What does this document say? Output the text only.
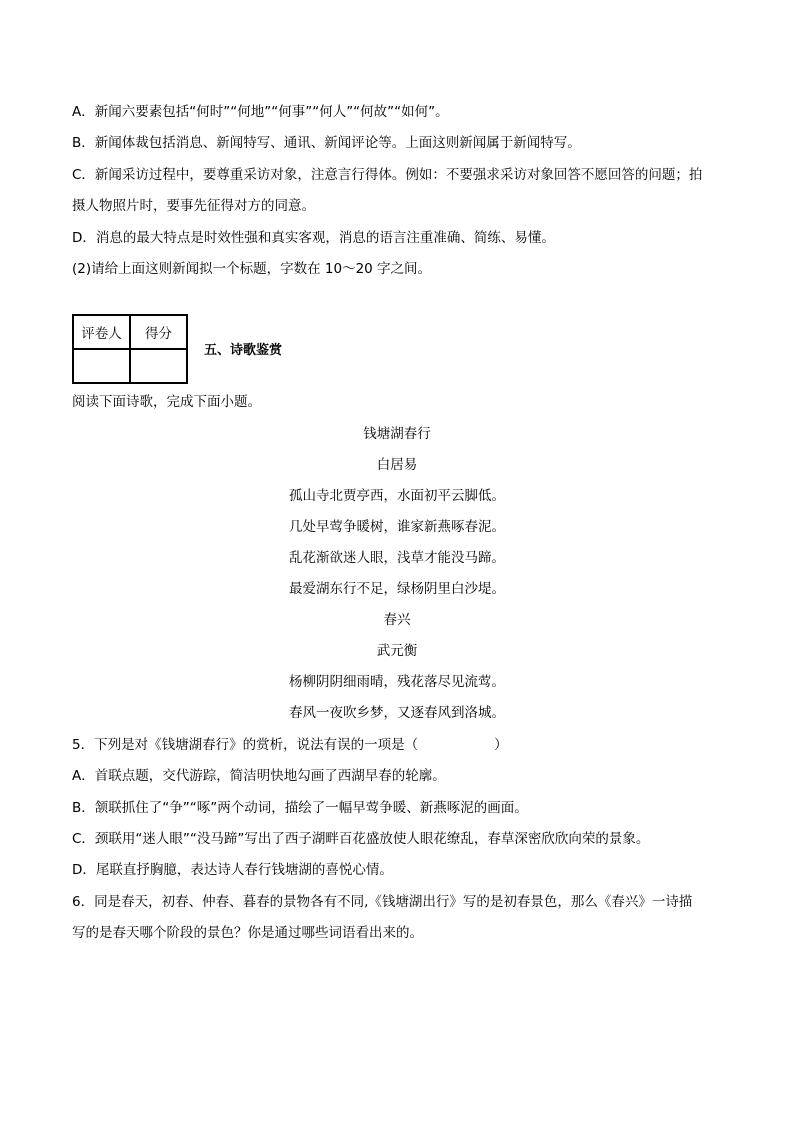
A．新闻六要素包括“何时”“何地”“何事”“何人”“何故”“如何”。
B．新闻体裁包括消息、新闻特写、通讯、新闻评论等。上面这则新闻属于新闻特写。
C．新闻采访过程中，要尊重采访对象，注意言行得体。例如：不要强求采访对象回答不愿回答的问题；拍
摄人物照片时，要事先征得对方的同意。
D．消息的最大特点是时效性强和真实客观，消息的语言注重准确、简练、易懂。
(2)请给上面这则新闻拟一个标题，字数在 10～20 字之间。
评卷人	得分

五、诗歌鉴赏
阅读下面诗歌，完成下面小题。
钱塘湖春行
白居易
孤山寺北贾亭西，水面初平云脚低。
几处早莺争暖树，谁家新燕啄春泥。
乱花渐欲迷人眼，浅草才能没马蹄。
最爱湖东行不足，绿杨阴里白沙堤。
春兴
武元衡
杨柳阴阴细雨晴，残花落尽见流莺。
春风一夜吹乡梦，又逐春风到洛城。
5．下列是对《钱塘湖春行》的赏析，说法有误的一项是（	）
A．首联点题，交代游踪，简洁明快地勾画了西湖早春的轮廓。
B．颔联抓住了“争”“啄”两个动词，描绘了一幅早莺争暖、新燕啄泥的画面。
C．颈联用“迷人眼”“没马蹄”写出了西子湖畔百花盛放使人眼花缭乱，春草深密欣欣向荣的景象。
D．尾联直抒胸臆，表达诗人春行钱塘湖的喜悦心情。
6．同是春天，初春、仲春、暮春的景物各有不同,《钱塘湖出行》写的是初春景色，那么《春兴》一诗描
写的是春天哪个阶段的景色？你是通过哪些词语看出来的。
